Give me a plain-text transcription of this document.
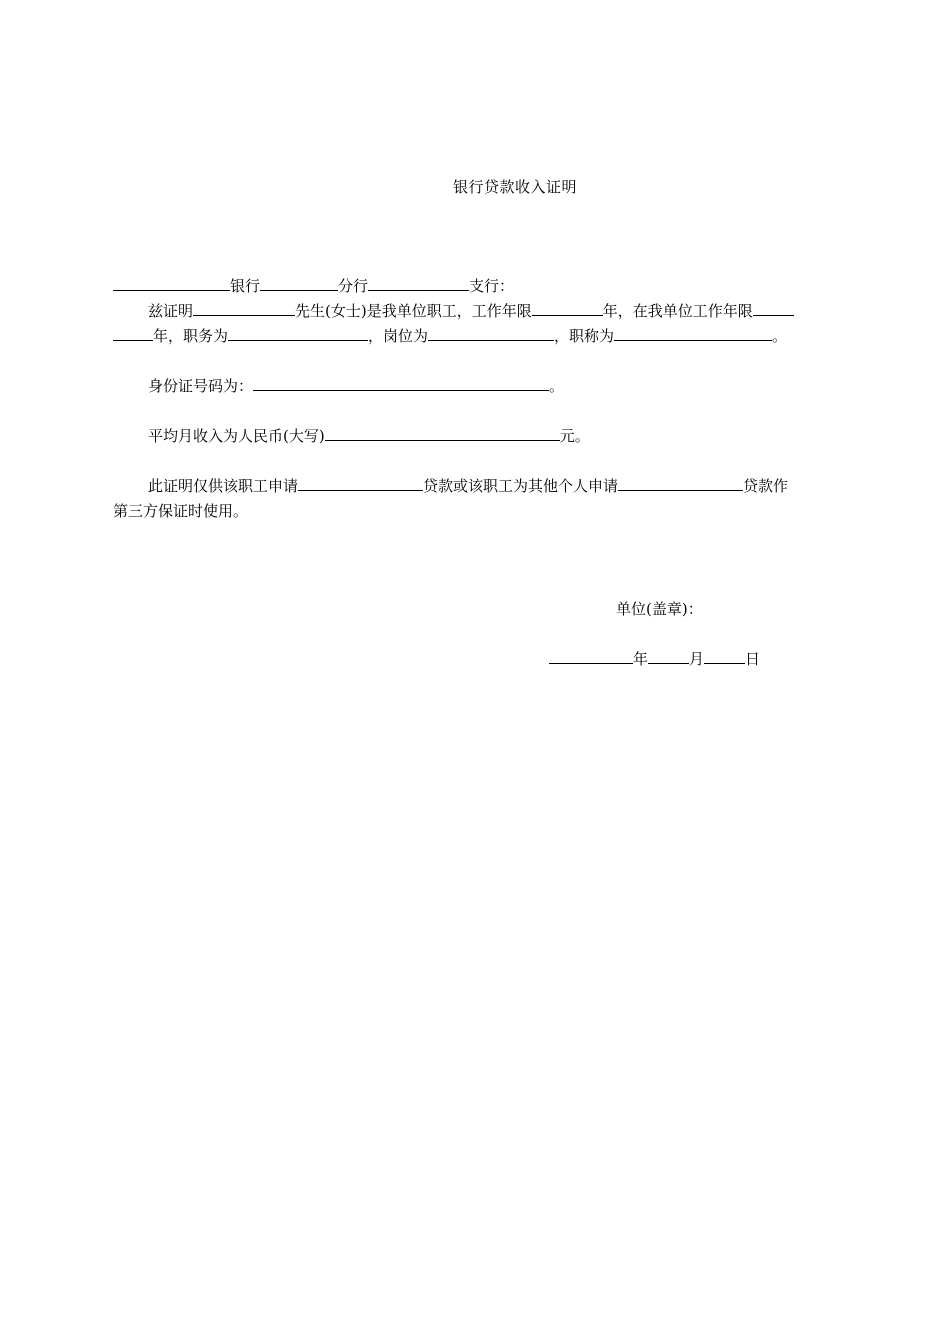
银行贷款收入证明
银行	分行	支行：
兹证明	先生(女士)是我单位职工，工作年限	年，在我单位工作年限
年，职务为	，岗位为	，职称为	。
身份证号码为：	。
平均月收入为人民币(大写)	元。
此证明仅供该职工申请	贷款或该职工为其他个人申请	贷款作
第三方保证时使用。
单位(盖章)：
年	月	日
